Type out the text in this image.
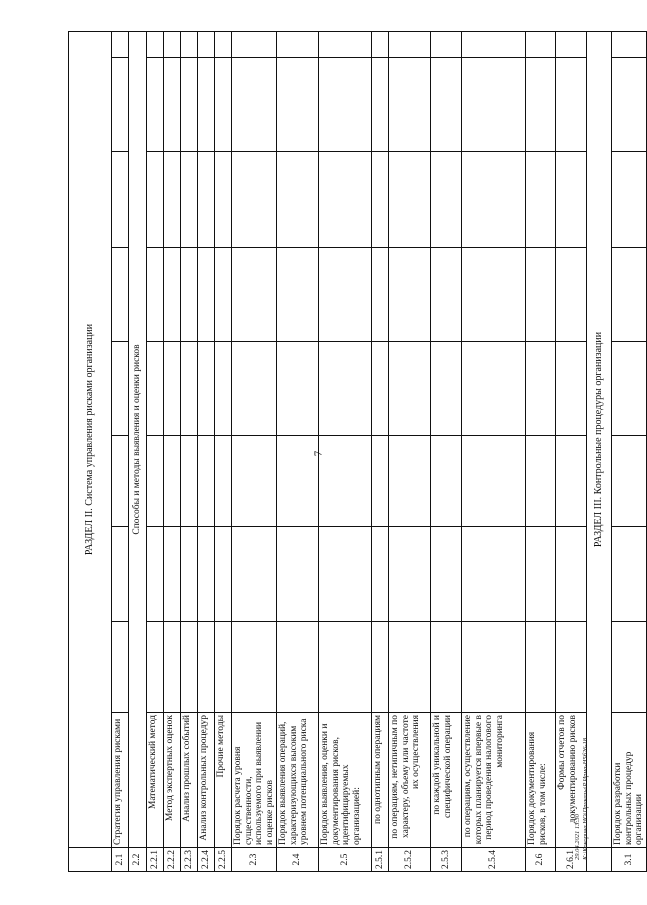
7
	РАЗДЕЛ II. Система управления рисками организации								
2.1	Стратегия управления рисками								
2.2	Способы и методы выявления и оценки рисков								
2.2.1	Математический метод								
2.2.2	Метод экспертных оценок								
2.2.3	Анализ прошлых событий								
2.2.4	Анализ контрольных процедур								
2.2.5	Прочие методы								
2.3	Порядок расчета уровня существенности, используемого при выявлении и оценке рисков								
2.4	Порядок выявления операций, характеризующихся высоким уровнем потенциального риска								
2.5	Порядок выявления, оценки и документирования рисков, идентифицируемых организацией:								
2.5.1	по однотипным операциям								
2.5.2	по операциям, нетипичным по характеру, объему или частоте их осуществления								
2.5.3	по каждой уникальной и специфической операции								
2.5.4	по операциям, осуществление которых планируется впервые в период проведения налогового мониторинга								
2.6	Порядок документирования рисков, в том числе:								
2.6.1	Формы отчетов по документированию рисков								
	РАЗДЕЛ III. Контрольные процедуры организации								
3.1	Порядок разработки контрольных процедур организации								
29.04.2021 13:30 K:\Кокорина НО\Приказы\Р.Ирма-Н5б26-18
